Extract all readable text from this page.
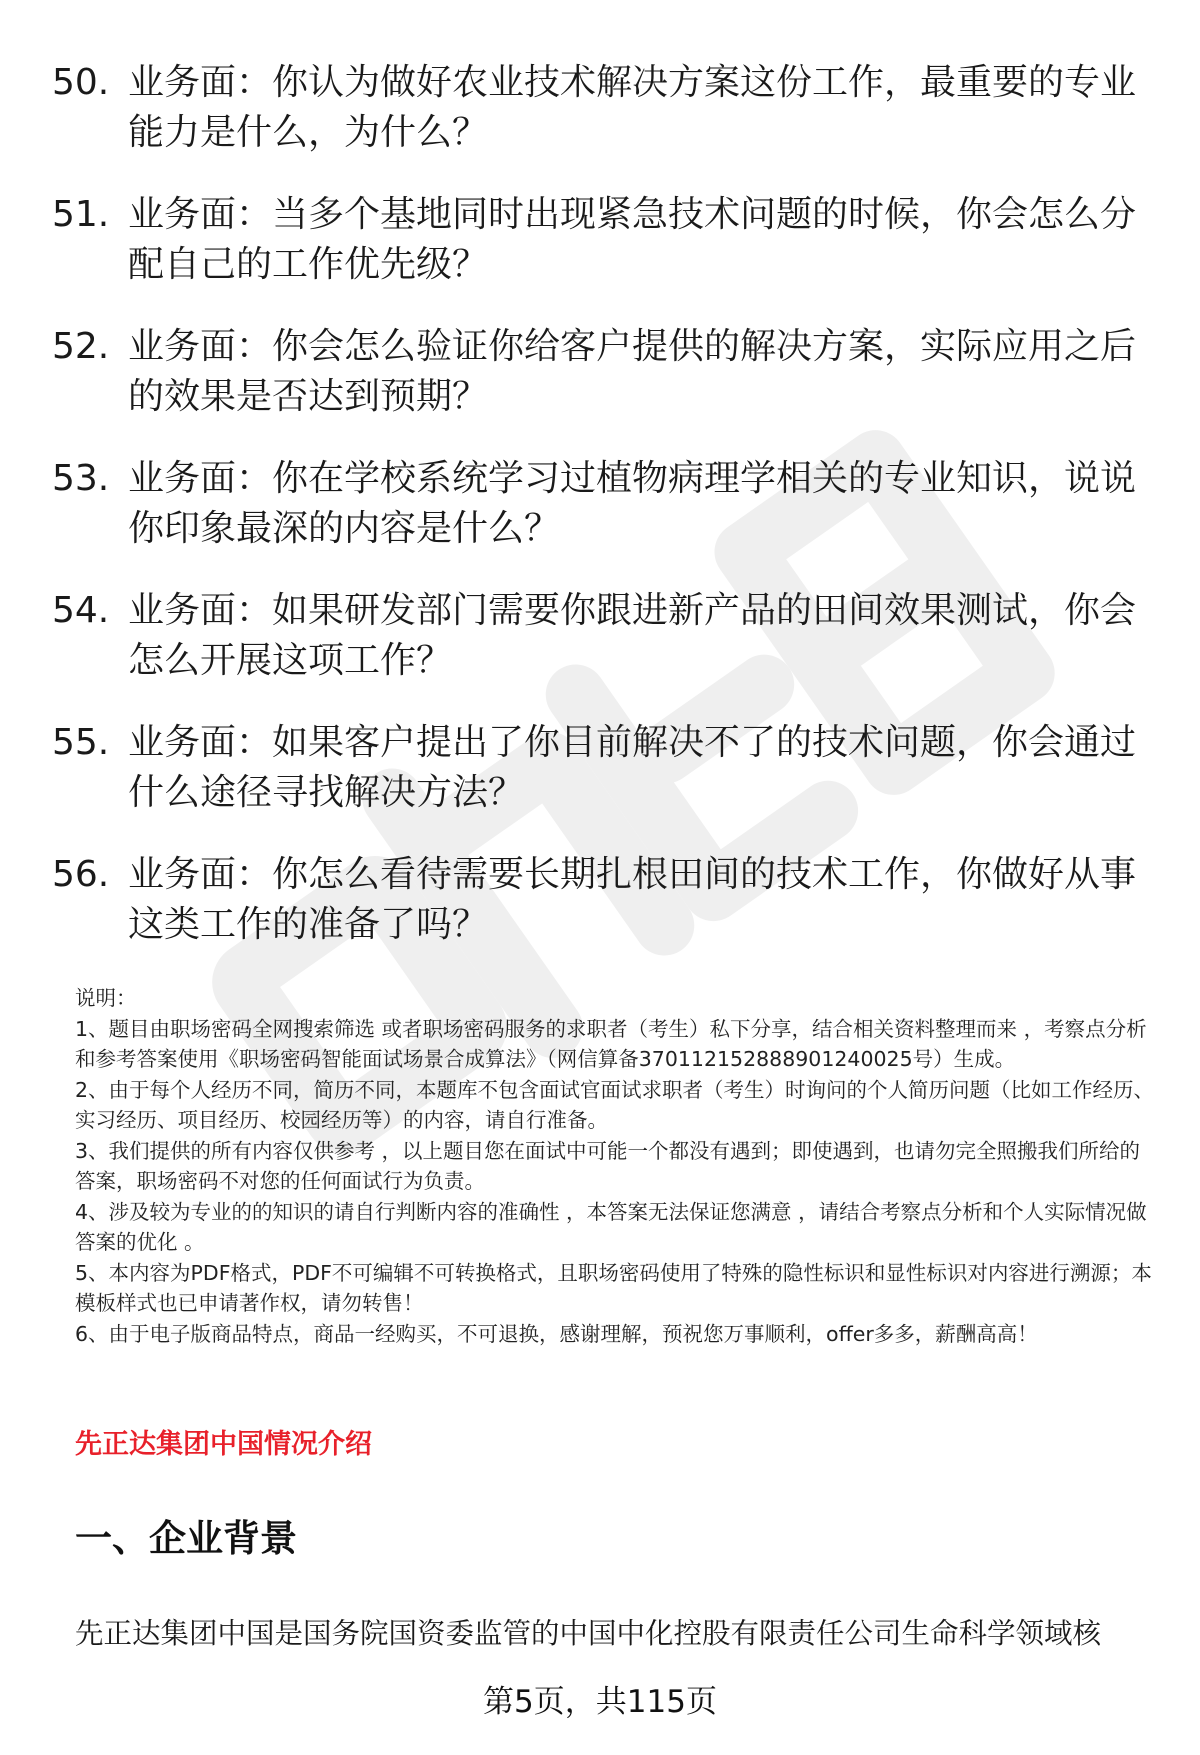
50. 业务面：你认为做好农业技术解决方案这份工作，最重要的专业能力是什么，为什么？
51. 业务面：当多个基地同时出现紧急技术问题的时候，你会怎么分配自己的工作优先级？
52. 业务面：你会怎么验证你给客户提供的解决方案，实际应用之后的效果是否达到预期？
53. 业务面：你在学校系统学习过植物病理学相关的专业知识，说说你印象最深的内容是什么？
54. 业务面：如果研发部门需要你跟进新产品的田间效果测试，你会怎么开展这项工作？
55. 业务面：如果客户提出了你目前解决不了的技术问题，你会通过什么途径寻找解决方法？
56. 业务面：你怎么看待需要长期扎根田间的技术工作，你做好从事这类工作的准备了吗？

说明：

1、题目由职场密码全网搜索筛选 或者职场密码服务的求职者（考生）私下分享，结合相关资料整理而来 ，考察点分析和参考答案使用《职场密码智能面试场景合成算法》（网信算备370112152888901240025号）生成。

2、由于每个人经历不同，简历不同，本题库不包含面试官面试求职者（考生）时询问的个人简历问题（比如工作经历、实习经历、项目经历、校园经历等）的内容，请自行准备。

3、我们提供的所有内容仅供参考 ，以上题目您在面试中可能一个都没有遇到；即使遇到，也请勿完全照搬我们所给的答案，职场密码不对您的任何面试行为负责。

4、涉及较为专业的的知识的请自行判断内容的准确性 ，本答案无法保证您满意 ，请结合考察点分析和个人实际情况做答案的优化 。

5、本内容为PDF格式，PDF不可编辑不可转换格式，且职场密码使用了特殊的隐性标识和显性标识对内容进行溯源；本模板样式也已申请著作权，请勿转售！

6、由于电子版商品特点，商品一经购买，不可退换，感谢理解，预祝您万事顺利，offer多多，薪酬高高！

先正达集团中国情况介绍
一、企业背景
先正达集团中国是国务院国资委监管的中国中化控股有限责任公司生命科学领域核
第5页，共115页
